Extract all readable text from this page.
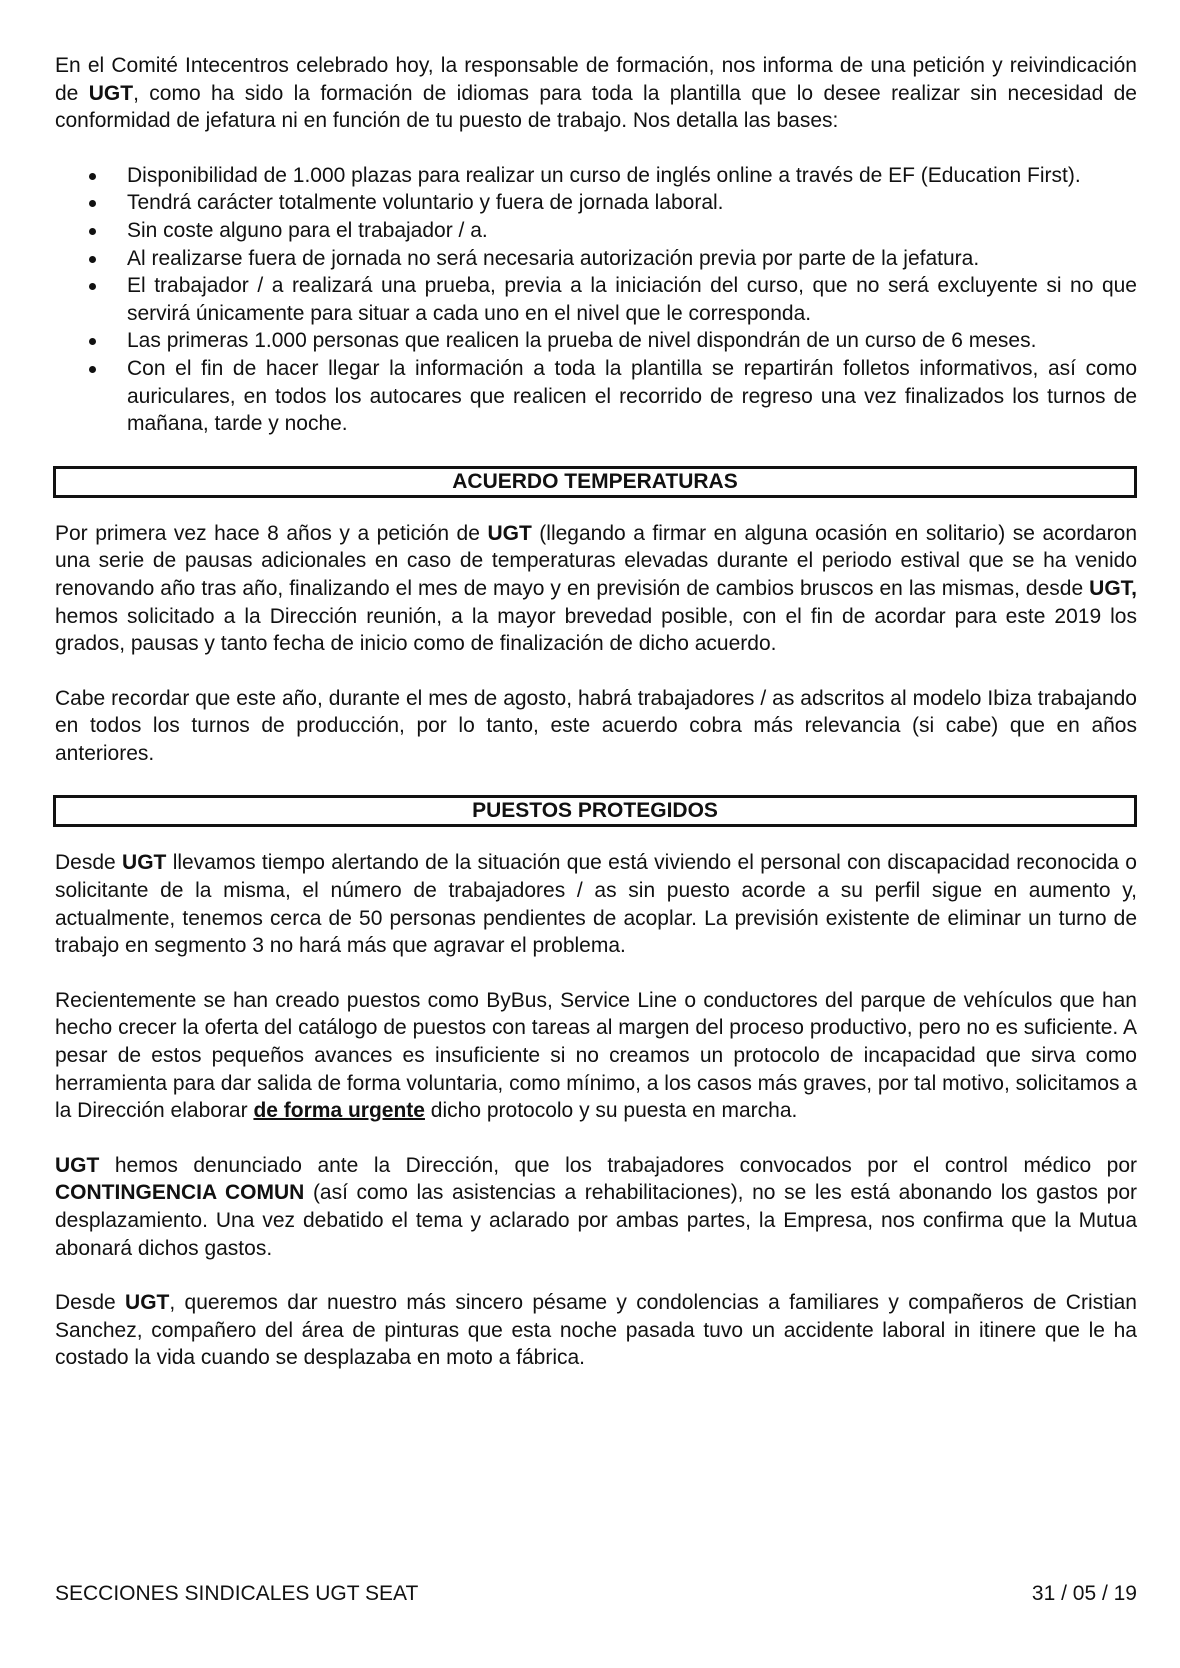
En el Comité Intecentros celebrado hoy, la responsable de formación, nos informa de una petición y reivindicación de UGT, como ha sido la formación de idiomas para toda la plantilla que lo desee realizar sin necesidad de conformidad de jefatura ni en función de tu puesto de trabajo. Nos detalla las bases:

Disponibilidad de 1.000 plazas para realizar un curso de inglés online a través de EF (Education First).
Tendrá carácter totalmente voluntario y fuera de jornada laboral.
Sin coste alguno para el trabajador / a.
Al realizarse fuera de jornada no será necesaria autorización previa por parte de la jefatura.
El trabajador / a realizará una prueba, previa a la iniciación del curso, que no será excluyente si no que servirá únicamente para situar a cada uno en el nivel que le corresponda.
Las primeras 1.000 personas que realicen la prueba de nivel dispondrán de un curso de 6 meses.
Con el fin de hacer llegar la información a toda la plantilla se repartirán folletos informativos, así como auriculares, en todos los autocares que realicen el recorrido de regreso una vez finalizados los turnos de mañana, tarde y noche.
ACUERDO TEMPERATURAS

Por primera vez hace 8 años y a petición de UGT (llegando a firmar en alguna ocasión en solitario) se acordaron una serie de pausas adicionales en caso de temperaturas elevadas durante el periodo estival que se ha venido renovando año tras año, finalizando el mes de mayo y en previsión de cambios bruscos en las mismas, desde UGT, hemos solicitado a la Dirección reunión, a la mayor brevedad posible, con el fin de acordar para este 2019 los grados, pausas y tanto fecha de inicio como de finalización de dicho acuerdo.

Cabe recordar que este año, durante el mes de agosto, habrá trabajadores / as adscritos al modelo Ibiza trabajando en todos los turnos de producción, por lo tanto, este acuerdo cobra más relevancia (si cabe) que en años anteriores.

PUESTOS PROTEGIDOS

Desde UGT llevamos tiempo alertando de la situación que está viviendo el personal con discapacidad reconocida o solicitante de la misma, el número de trabajadores / as sin puesto acorde a su perfil sigue en aumento y, actualmente, tenemos cerca de 50 personas pendientes de acoplar. La previsión existente de eliminar un turno de trabajo en segmento 3 no hará más que agravar el problema.

Recientemente se han creado puestos como ByBus, Service Line o conductores del parque de vehículos que han hecho crecer la oferta del catálogo de puestos con tareas al margen del proceso productivo, pero no es suficiente. A pesar de estos pequeños avances es insuficiente si no creamos un protocolo de incapacidad que sirva como herramienta para dar salida de forma voluntaria, como mínimo, a los casos más graves, por tal motivo, solicitamos a la Dirección elaborar de forma urgente dicho protocolo y su puesta en marcha.

UGT hemos denunciado ante la Dirección, que los trabajadores convocados por el control médico por CONTINGENCIA COMUN (así como las asistencias a rehabilitaciones), no se les está abonando los gastos por desplazamiento. Una vez debatido el tema y aclarado por ambas partes, la Empresa, nos confirma que la Mutua abonará dichos gastos.

Desde UGT, queremos dar nuestro más sincero pésame y condolencias a familiares y compañeros de Cristian Sanchez, compañero del área de pinturas que esta noche pasada tuvo un accidente laboral in itinere que le ha costado la vida cuando se desplazaba en moto a fábrica.

SECCIONES SINDICALES UGT SEAT	31 / 05 / 19
